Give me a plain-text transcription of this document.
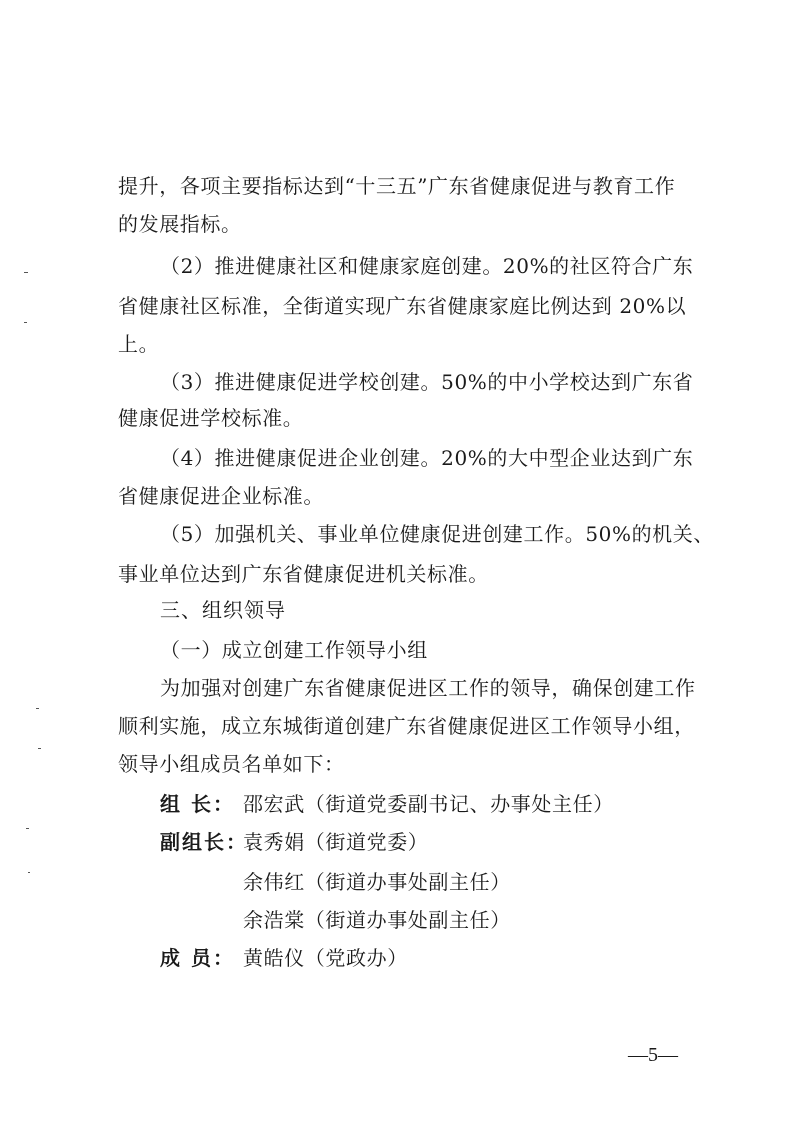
提升，各项主要指标达到“十三五”广东省健康促进与教育工作
的发展指标。
（2）推进健康社区和健康家庭创建。20%的社区符合广东
省健康社区标准，全街道实现广东省健康家庭比例达到 20%以
上。
（3）推进健康促进学校创建。50%的中小学校达到广东省
健康促进学校标准。
（4）推进健康促进企业创建。20%的大中型企业达到广东
省健康促进企业标准。
（5）加强机关、事业单位健康促进创建工作。50%的机关、
事业单位达到广东省健康促进机关标准。
三、组织领导
（一）成立创建工作领导小组
为加强对创建广东省健康促进区工作的领导，确保创建工作
顺利实施，成立东城街道创建广东省健康促进区工作领导小组，
领导小组成员名单如下：
组 长： 邵宏武（街道党委副书记、办事处主任）
副组长：
袁秀娟（街道党委）
余伟红（街道办事处副主任）
余浩棠（街道办事处副主任）
成 员： 黄皓仪（党政办）
—5—
